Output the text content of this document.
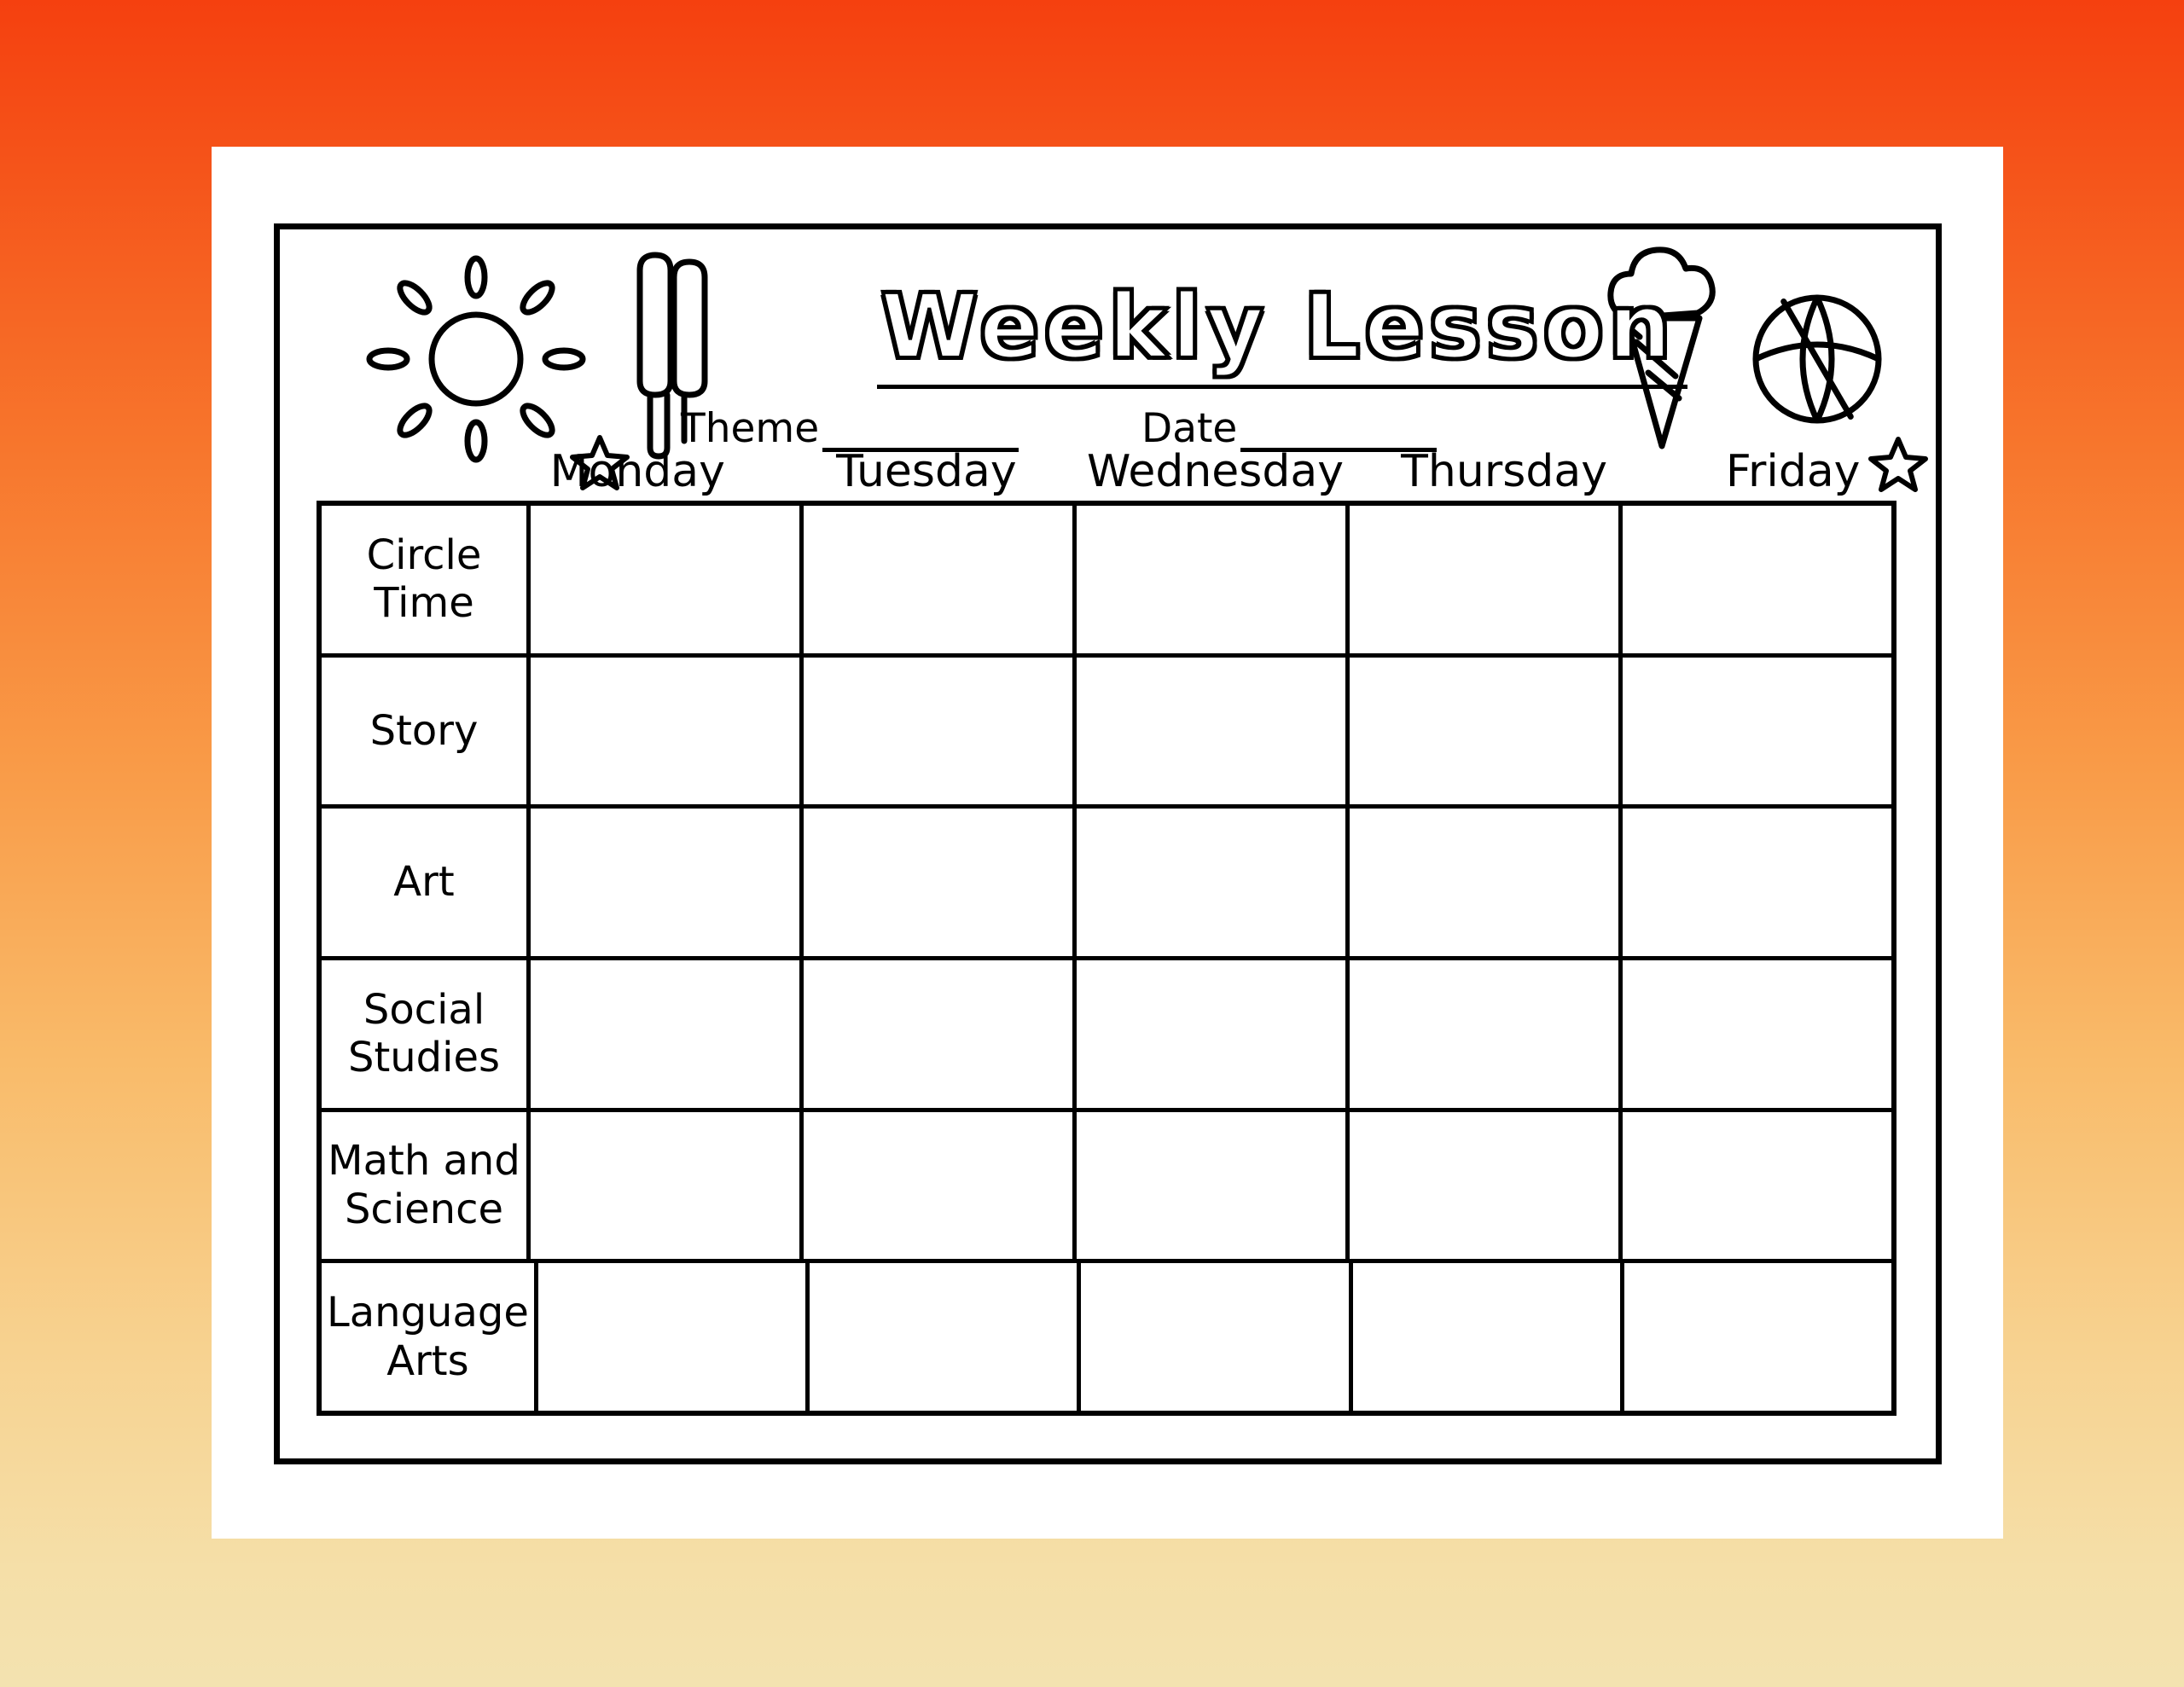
Weekly Lesson
Theme	Date
Monday	Tuesday	Wednesday	Thursday	Friday
Circle Time
Story
Art
Social Studies
Math and Science
Language Arts
